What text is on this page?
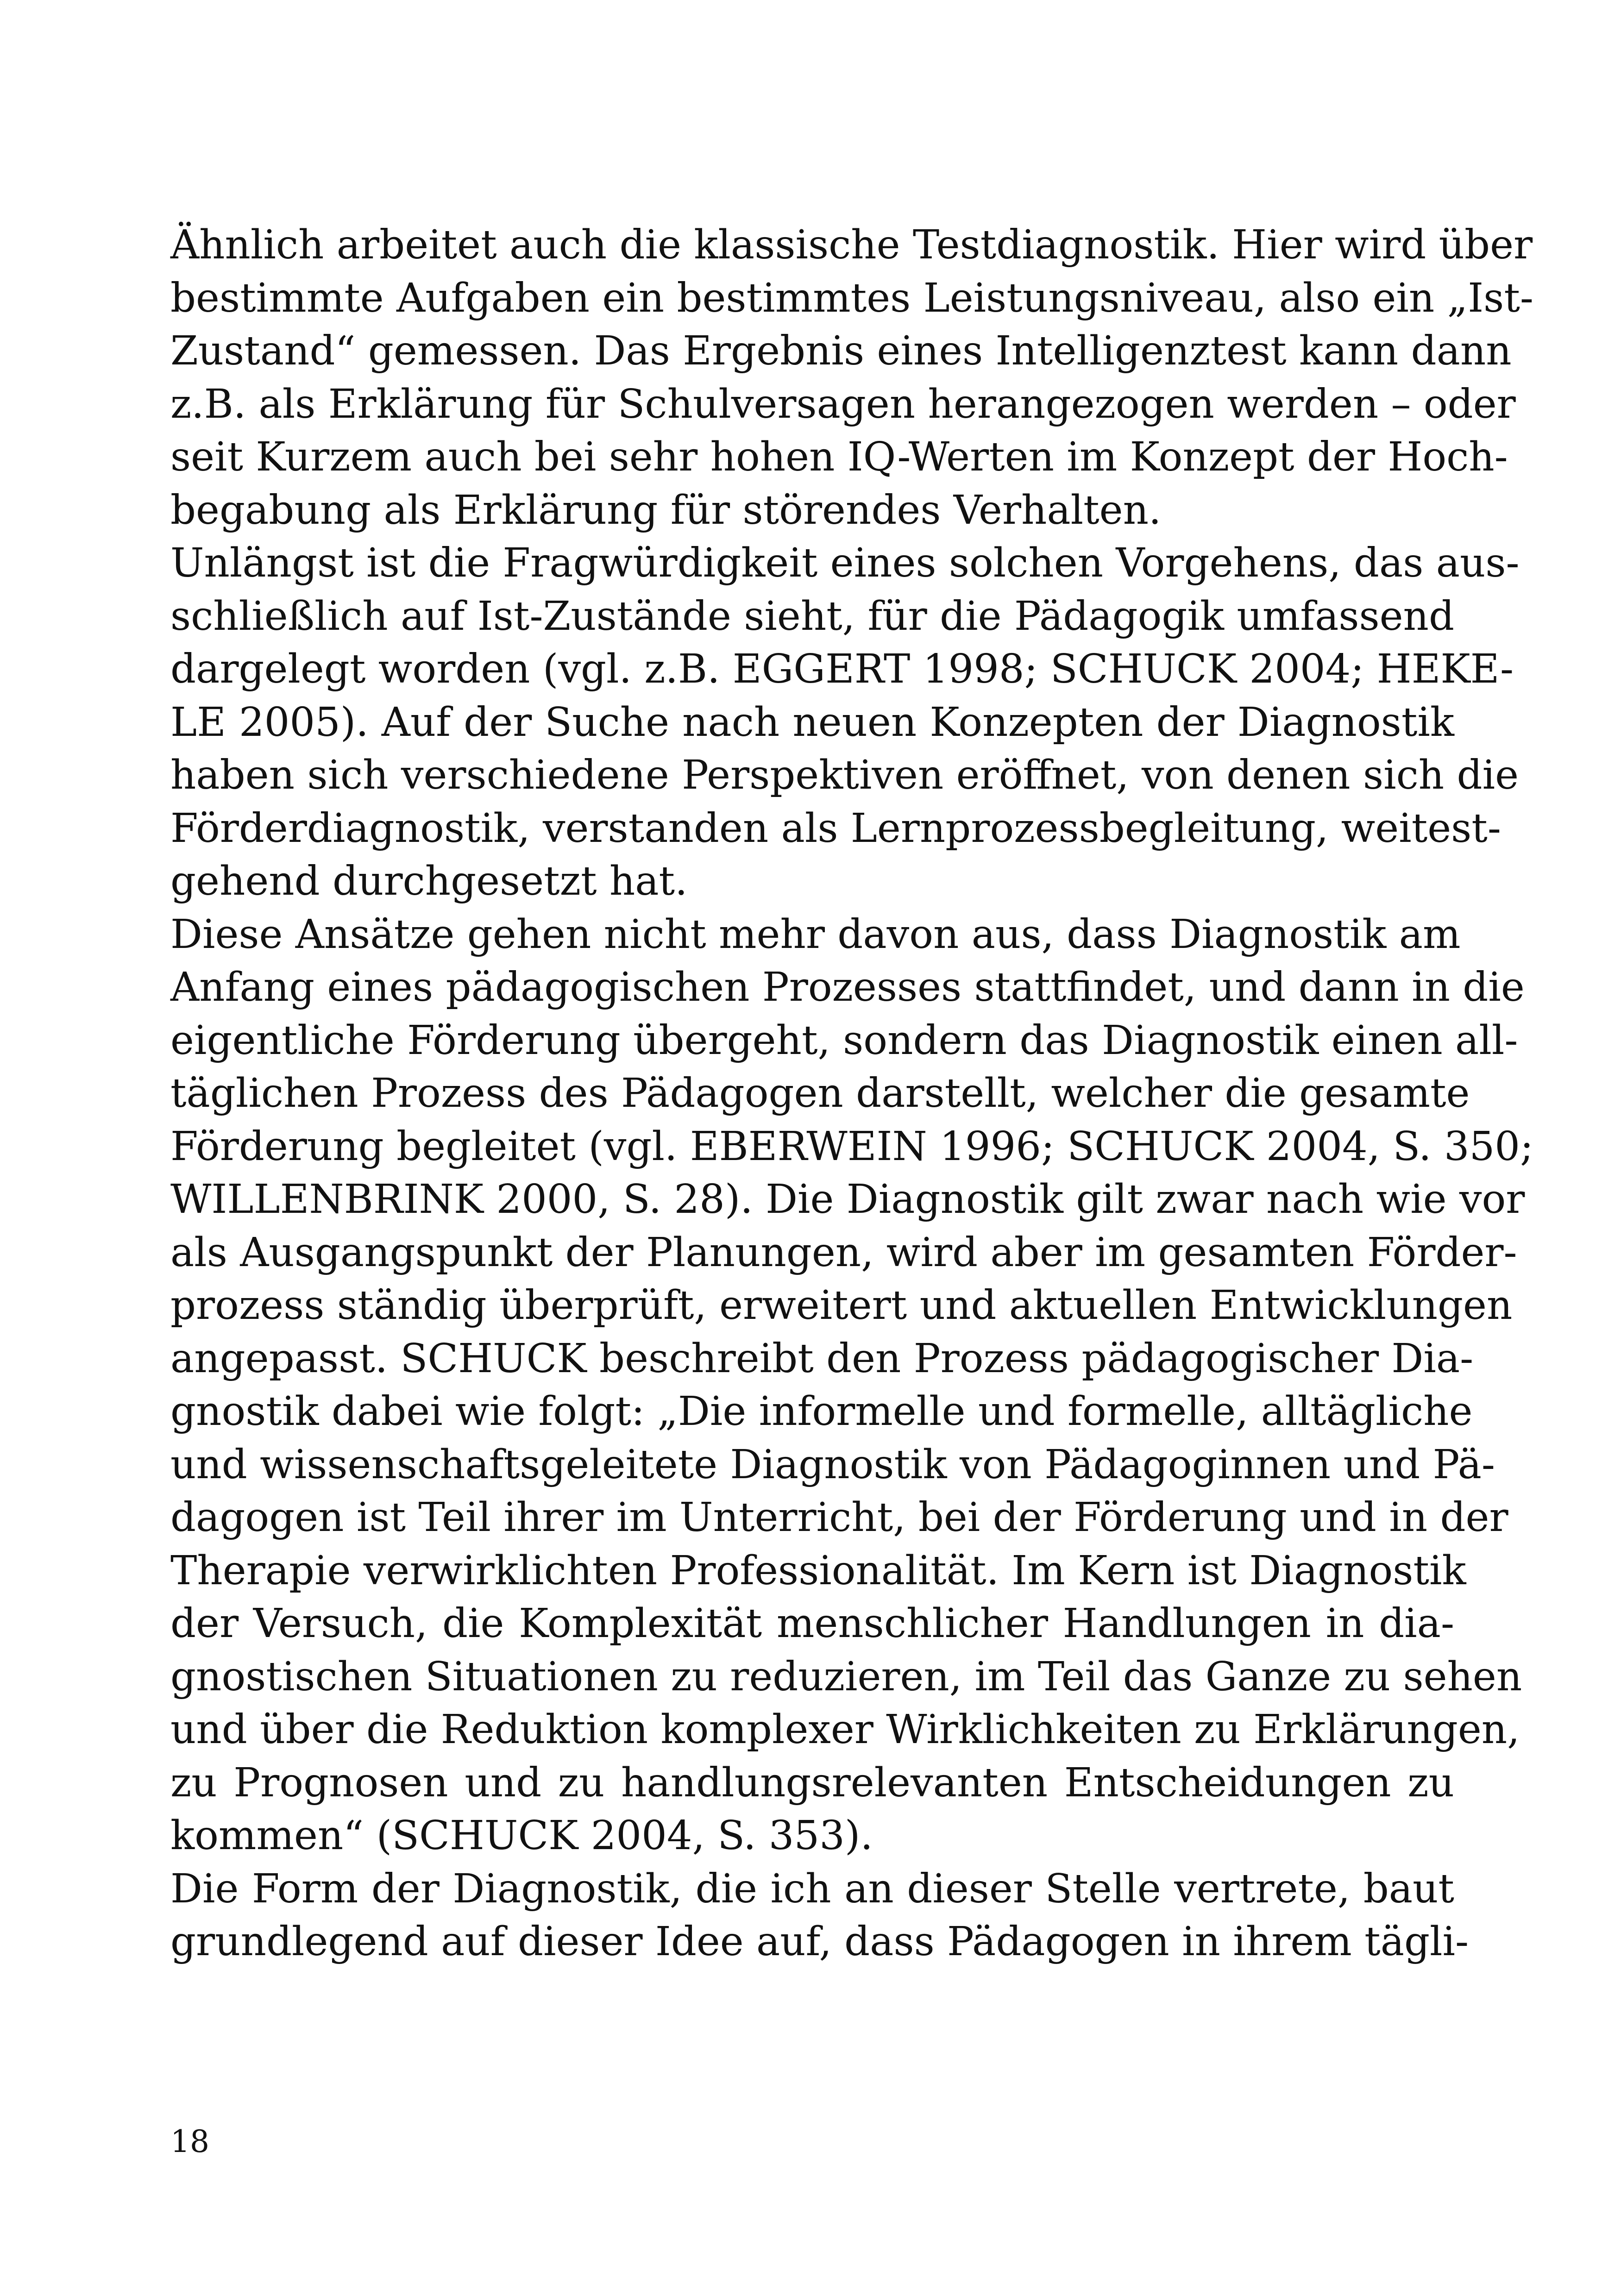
Ähnlich arbeitet auch die klassische Testdiagnostik. Hier wird über
bestimmte Aufgaben ein bestimmtes Leistungsniveau, also ein „Ist-
Zustand“ gemessen. Das Ergebnis eines Intelligenztest kann dann
z.B. als Erklärung für Schulversagen herangezogen werden – oder
seit Kurzem auch bei sehr hohen IQ-Werten im Konzept der Hoch-
begabung als Erklärung für störendes Verhalten.
Unlängst ist die Fragwürdigkeit eines solchen Vorgehens, das aus-
schließlich auf Ist-Zustände sieht, für die Pädagogik umfassend
dargelegt worden (vgl. z.B. EGGERT 1998; SCHUCK 2004; HEKE-
LE 2005). Auf der Suche nach neuen Konzepten der Diagnostik
haben sich verschiedene Perspektiven eröffnet, von denen sich die
Förderdiagnostik, verstanden als Lernprozessbegleitung, weitest-
gehend durchgesetzt hat.
Diese Ansätze gehen nicht mehr davon aus, dass Diagnostik am
Anfang eines pädagogischen Prozesses stattfindet, und dann in die
eigentliche Förderung übergeht, sondern das Diagnostik einen all-
täglichen Prozess des Pädagogen darstellt, welcher die gesamte
Förderung begleitet (vgl. EBERWEIN 1996; SCHUCK 2004, S. 350;
WILLENBRINK 2000, S. 28). Die Diagnostik gilt zwar nach wie vor
als Ausgangspunkt der Planungen, wird aber im gesamten Förder-
prozess ständig überprüft, erweitert und aktuellen Entwicklungen
angepasst. SCHUCK beschreibt den Prozess pädagogischer Dia-
gnostik dabei wie folgt: „Die informelle und formelle, alltägliche
und wissenschaftsgeleitete Diagnostik von Pädagoginnen und Pä-
dagogen ist Teil ihrer im Unterricht, bei der Förderung und in der
Therapie verwirklichten Professionalität. Im Kern ist Diagnostik
der Versuch, die Komplexität menschlicher Handlungen in dia-
gnostischen Situationen zu reduzieren, im Teil das Ganze zu sehen
und über die Reduktion komplexer Wirklichkeiten zu Erklärungen,
zu Prognosen und zu handlungsrelevanten Entscheidungen zu
kommen“ (SCHUCK 2004, S. 353).
Die Form der Diagnostik, die ich an dieser Stelle vertrete, baut
grundlegend auf dieser Idee auf, dass Pädagogen in ihrem tägli-
18
